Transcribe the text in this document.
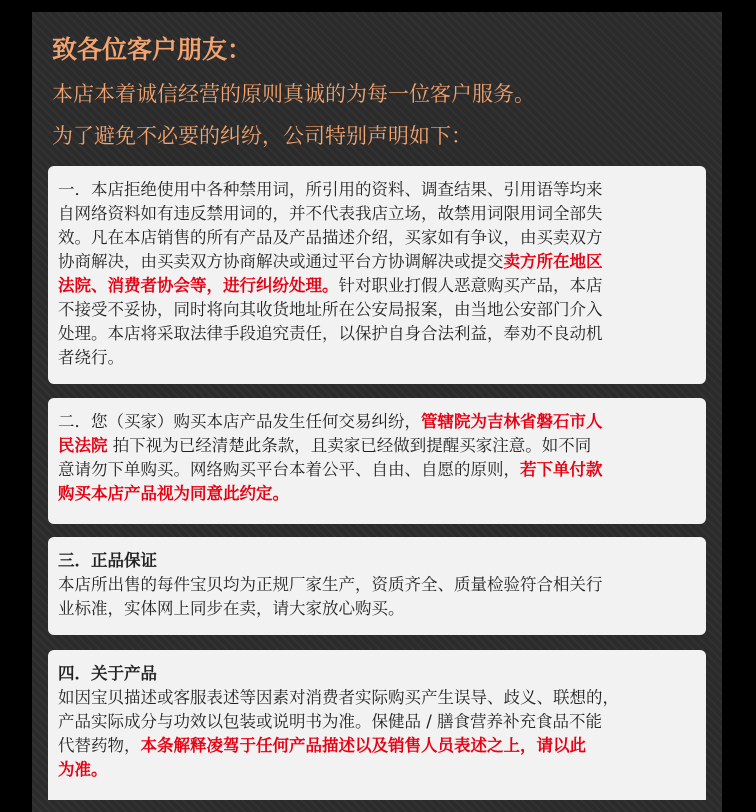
致各位客户朋友：
本店本着诚信经营的原则真诚的为每一位客户服务。
为了避免不必要的纠纷，公司特别声明如下：
一．本店拒绝使用中各种禁用词，所引用的资料、调查结果、引用语等均来
自网络资料如有违反禁用词的，并不代表我店立场，故禁用词限用词全部失
效。凡在本店销售的所有产品及产品描述介绍，买家如有争议，由买卖双方
协商解决，由买卖双方协商解决或通过平台方协调解决或提交卖方所在地区
法院、消费者协会等，进行纠纷处理。针对职业打假人恶意购买产品，本店
不接受不妥协，同时将向其收货地址所在公安局报案，由当地公安部门介入
处理。本店将采取法律手段追究责任，以保护自身合法利益，奉劝不良动机
者绕行。
二．您（买家）购买本店产品发生任何交易纠纷，管辖院为吉林省磐石市人
民法院 拍下视为已经清楚此条款，且卖家已经做到提醒买家注意。如不同
意请勿下单购买。网络购买平台本着公平、自由、自愿的原则，若下单付款
购买本店产品视为同意此约定。
三．正品保证
本店所出售的每件宝贝均为正规厂家生产，资质齐全、质量检验符合相关行
业标准，实体网上同步在卖，请大家放心购买。
四．关于产品
如因宝贝描述或客服表述等因素对消费者实际购买产生误导、歧义、联想的，
产品实际成分与功效以包装或说明书为准。保健品 / 膳食营养补充食品不能
代替药物，本条解释凌驾于任何产品描述以及销售人员表述之上，请以此
为准。
